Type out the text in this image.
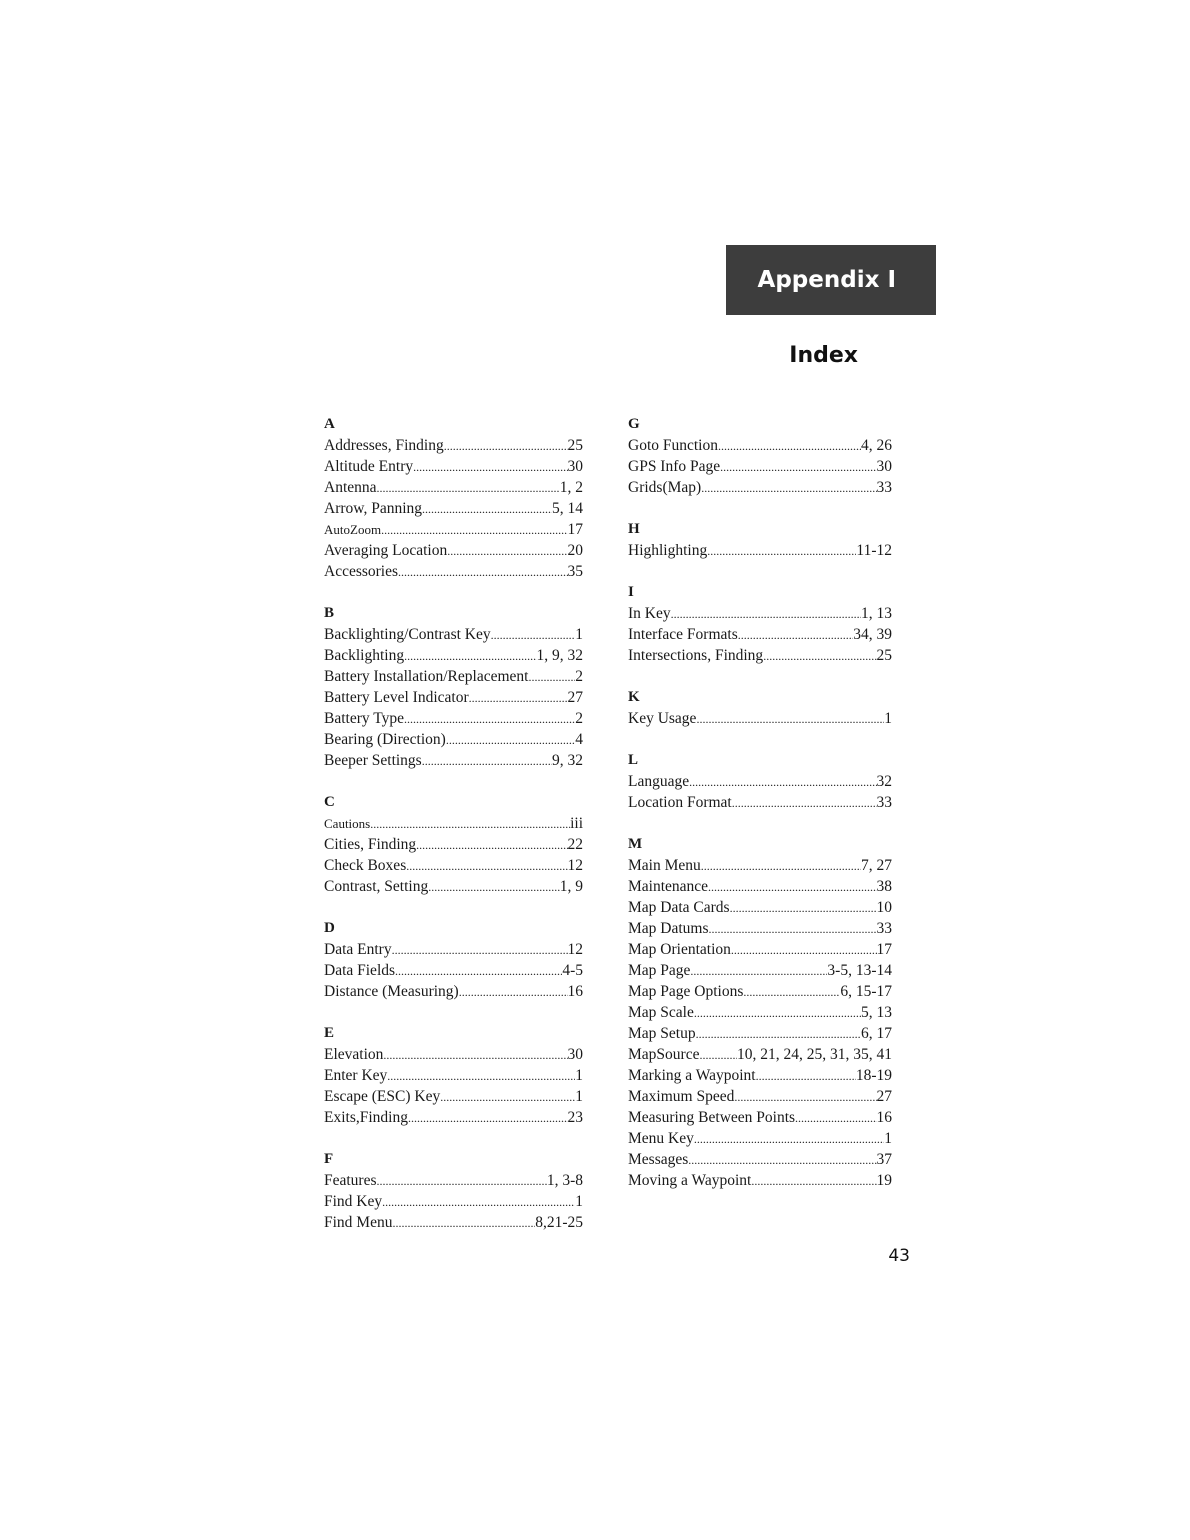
Appendix I
Index
A
Addresses, Finding .....	25
Altitude Entry .....	30
Antenna .....	1, 2
Arrow, Panning .....	5, 14
AutoZoom .....	17
Averaging Location .....	20
Accessories .....	35
B
Backlighting/Contrast Key .....	1
Backlighting .....	1, 9, 32
Battery Installation/Replacement .....	2
Battery Level Indicator .....	27
Battery Type .....	2
Bearing (Direction) .....	4
Beeper Settings .....	9, 32
C
Cautions .....	iii
Cities, Finding .....	22
Check Boxes .....	12
Contrast, Setting .....	1, 9
D
Data Entry .....	12
Data Fields .....	4-5
Distance (Measuring) .....	16
E
Elevation .....	30
Enter Key .....	1
Escape (ESC) Key .....	1
Exits,Finding .....	23
F
Features .....	1, 3-8
Find Key .....	1
Find Menu .....	8,21-25
G
Goto Function .....	4, 26
GPS Info Page .....	30
Grids(Map) .....	33
H
Highlighting .....	11-12
I
In Key .....	1, 13
Interface Formats .....	34, 39
Intersections, Finding .....	25
K
Key Usage .....	1
L
Language .....	32
Location Format .....	33
M
Main Menu .....	7, 27
Maintenance .....	38
Map Data Cards .....	10
Map Datums .....	33
Map Orientation .....	17
Map Page .....	3-5, 13-14
Map Page Options .....	6, 15-17
Map Scale .....	5, 13
Map Setup .....	6, 17
MapSource ..... 10, 21, 24, 25, 31, 35, 41
Marking a Waypoint .....	18-19
Maximum Speed .....	27
Measuring Between Points .....	16
Menu Key .....	1
Messages .....	37
Moving a Waypoint .....	19
43
